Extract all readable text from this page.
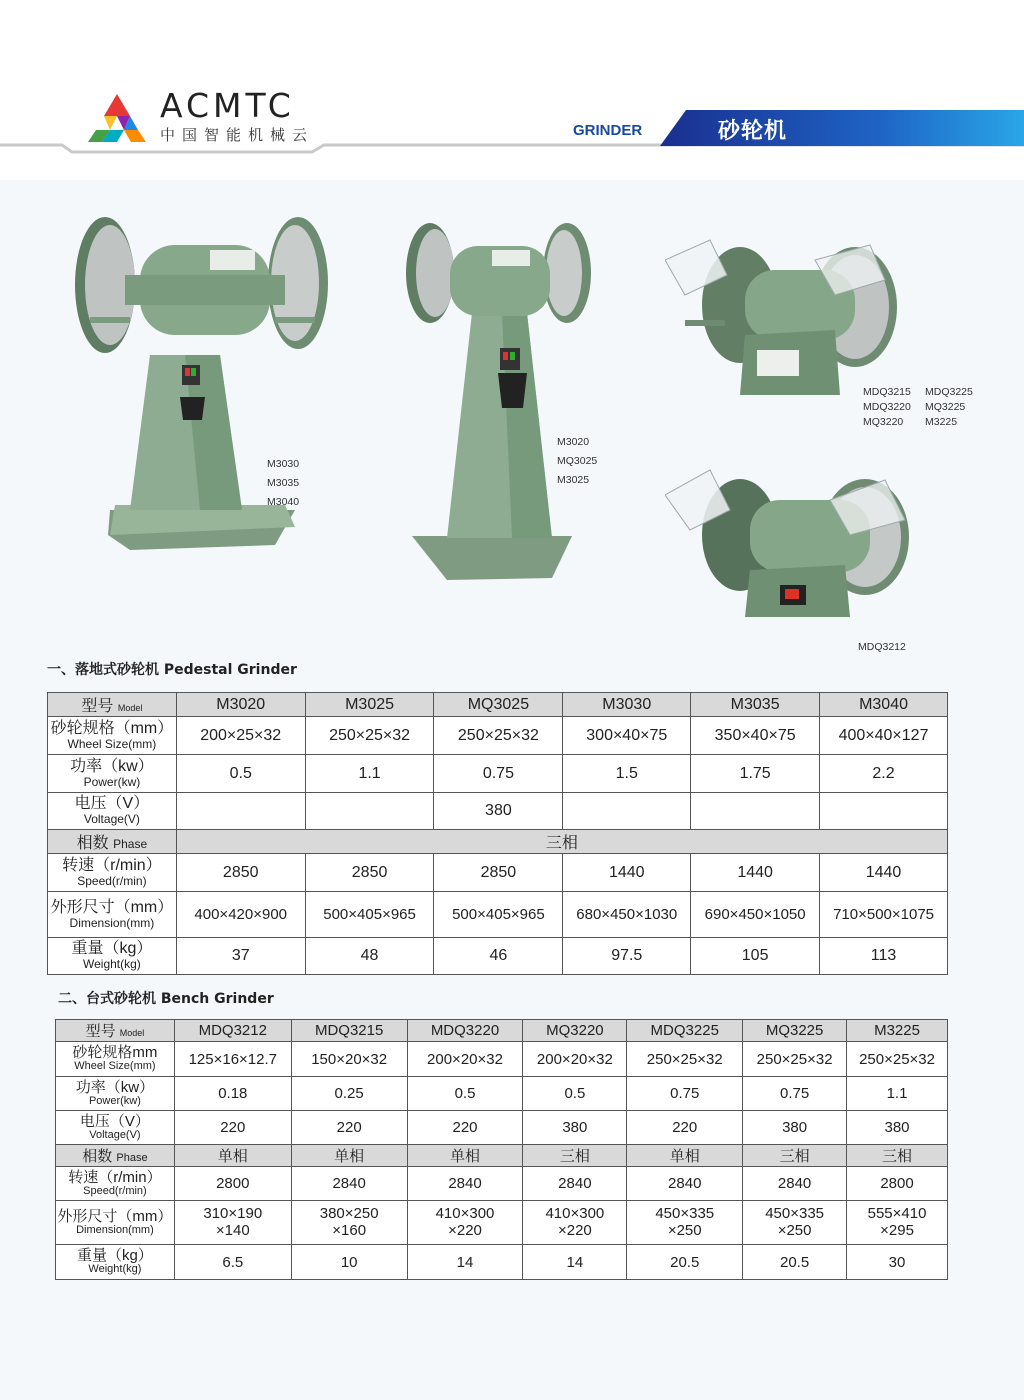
ACMTC
中国智能机械云	GRINDER	砂轮机
M3030
M3035
M3040
M3020
MQ3025
M3025
MDQ3215	MDQ3225
MDQ3220	MQ3225
MQ3220	M3225
MDQ3212
一、落地式砂轮机 Pedestal Grinder
型号 Model	M3020	M3025	MQ3025	M3030	M3035	M3040

砂轮规格（mm）
Wheel Size(mm)	200×25×32	250×25×32	250×25×32	300×40×75	350×40×75	400×40×127

功率（kw）
Power(kw)	0.5	1.1	0.75	1.5	1.75	2.2

电压（V）
Voltage(V)			380			
相数 Phase	三相					

转速（r/min）
Speed(r/min)	2850	2850	2850	1440	1440	1440

外形尺寸（mm）
Dimension(mm)	400×420×900	500×405×965	500×405×965	680×450×1030	690×450×1050	710×500×1075

重量（kg）
Weight(kg)	37	48	46	97.5	105	113
二、台式砂轮机 Bench Grinder
型号 Model	MDQ3212	MDQ3215	MDQ3220	MQ3220	MDQ3225	MQ3225	M3225

砂轮规格mm
Wheel Size(mm)	125×16×12.7	150×20×32	200×20×32	200×20×32	250×25×32	250×25×32	250×25×32

功率（kw）
Power(kw)	0.18	0.25	0.5	0.5	0.75	0.75	1.1

电压（V）
Voltage(V)	220	220	220	380	220	380	380
相数 Phase	单相	单相	单相	三相	单相	三相	三相

转速（r/min）
Speed(r/min)	2800	2840	2840	2840	2840	2840	2800

外形尺寸（mm）
Dimension(mm)	310×190
×140	380×250
×160	410×300
×220	410×300
×220	450×335
×250	450×335
×250	555×410
×295

重量（kg）
Weight(kg)	6.5	10	14	14	20.5	20.5	30
